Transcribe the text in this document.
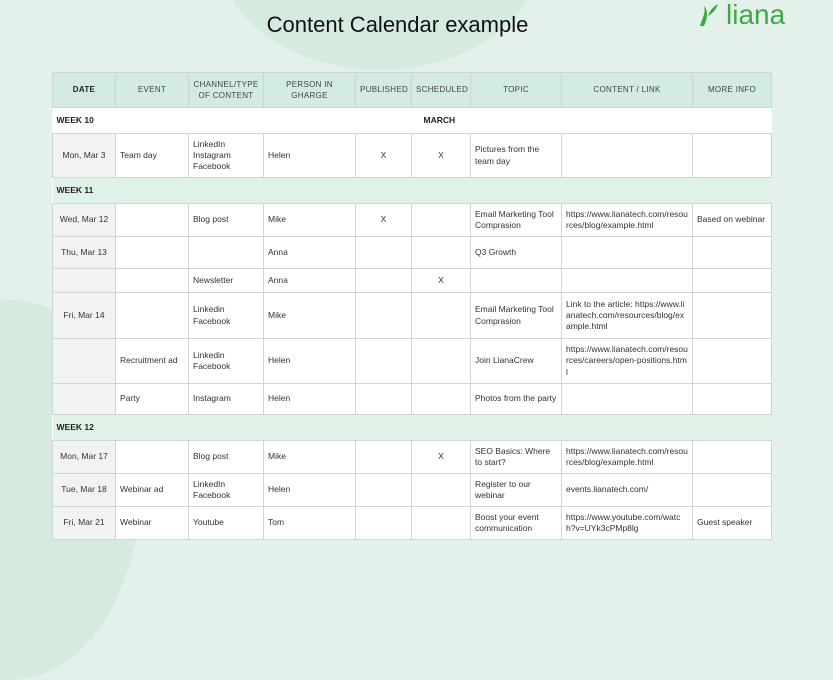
Content Calendar example	liana
DATE	EVENT	CHANNEL/TYPE OF CONTENT	PERSON IN GHARGE	PUBLISHED	SCHEDULED	TOPIC	CONTENT / LINK	MORE INFO
WEEK 10					MARCH			
Mon, Mar 3	Team day	LinkedIn Instagram Facebook	Helen	X	X	Pictures from the team day		
WEEK 11								
Wed, Mar 12		Blog post	Mike	X		Email Marketing Tool Comprasion	https://www.lianatech.com/resources/blog/example.html	Based on webinar
Thu, Mar 13			Anna			Q3 Growth		
		Newsletter	Anna		X			
Fri, Mar 14		Linkedin Facebook	Mike			Email Marketing Tool Comprasion	Link to the article: https://www.lianatech.com/resources/blog/example.html	
	Recruitment ad	Linkedin Facebook	Helen			Join LianaCrew	https://www.lianatech.com/resources/careers/open-positions.html	
	Party	Instagram	Helen			Photos from the party		
WEEK 12								
Mon, Mar 17		Blog post	Mike		X	SEO Basics: Where to start?	https://www.lianatech.com/resources/blog/example.html	
Tue, Mar 18	Webinar ad	LinkedIn Facebook	Helen			Register to our webinar	events.lianatech.com/	
Fri, Mar 21	Webinar	Youtube	Tom			Boost your event communication	https://www.youtube.com/watch?v=UYk3cPMp8lg	Guest speaker
